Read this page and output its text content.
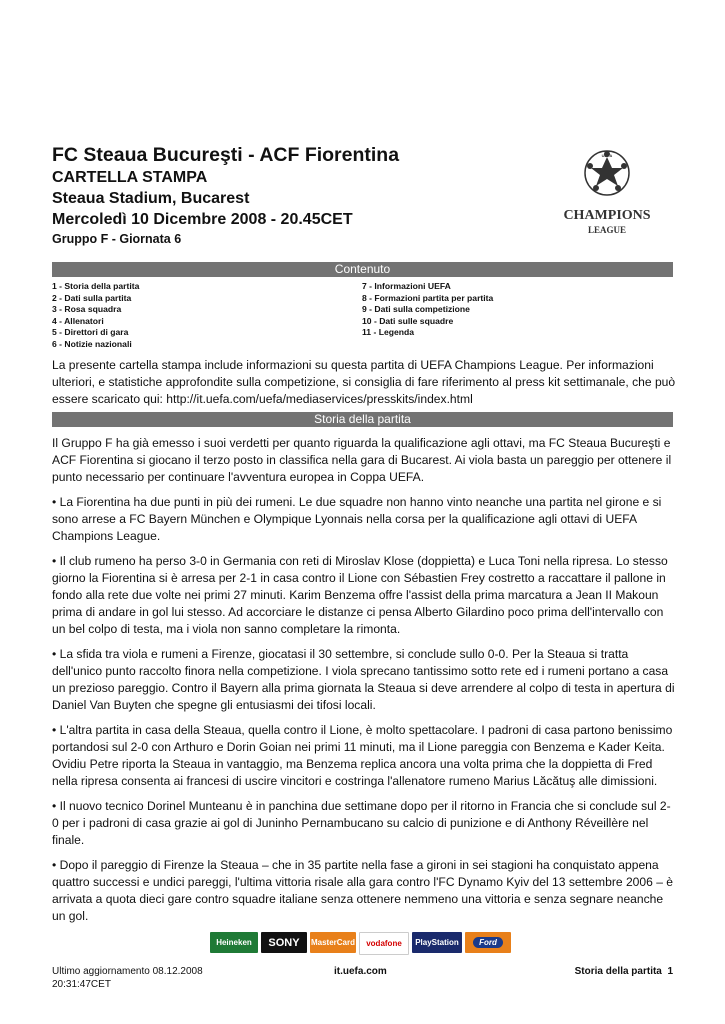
FC Steaua Bucureşti - ACF Fiorentina
CARTELLA STAMPA
Steaua Stadium, Bucarest
Mercoledì 10 Dicembre 2008 - 20.45CET
Gruppo F - Giornata 6
UEFA
CHAMPIONS
LEAGUE
Contenuto
1 - Storia della partita
2 - Dati sulla partita
3 - Rosa squadra
4 - Allenatori
5 - Direttori di gara
6 - Notizie nazionali
7 - Informazioni UEFA
8 - Formazioni partita per partita
9 - Dati sulla competizione
10 - Dati sulle squadre
11 - Legenda
La presente cartella stampa include informazioni su questa partita di UEFA Champions League. Per informazioni ulteriori, e statistiche approfondite sulla competizione, si consiglia di fare riferimento al press kit settimanale, che può essere scaricato qui: http://it.uefa.com/uefa/mediaservices/presskits/index.html
Storia della partita

Il Gruppo F ha già emesso i suoi verdetti per quanto riguarda la qualificazione agli ottavi, ma FC Steaua Bucureşti e ACF Fiorentina si giocano il terzo posto in classifica nella gara di Bucarest. Ai viola basta un pareggio per ottenere il punto necessario per continuare l'avventura europea in Coppa UEFA.

• La Fiorentina ha due punti in più dei rumeni. Le due squadre non hanno vinto neanche una partita nel girone e si sono arrese a FC Bayern München e Olympique Lyonnais nella corsa per la qualificazione agli ottavi di UEFA Champions League.

• Il club rumeno ha perso 3-0 in Germania con reti di Miroslav Klose (doppietta) e Luca Toni nella ripresa. Lo stesso giorno la Fiorentina si è arresa per 2-1 in casa contro il Lione con Sébastien Frey costretto a raccattare il pallone in fondo alla rete due volte nei primi 27 minuti. Karim Benzema offre l'assist della prima marcatura a Jean II Makoun prima di andare in gol lui stesso. Ad accorciare le distanze ci pensa Alberto Gilardino poco prima dell'intervallo con un bel colpo di testa, ma i viola non sanno completare la rimonta.

• La sfida tra viola e rumeni a Firenze, giocatasi il 30 settembre, si conclude sullo 0-0. Per la Steaua si tratta dell'unico punto raccolto finora nella competizione. I viola sprecano tantissimo sotto rete ed i rumeni portano a casa un prezioso pareggio. Contro il Bayern alla prima giornata la Steaua si deve arrendere al colpo di testa in apertura di Daniel Van Buyten che spegne gli entusiasmi dei tifosi locali.

• L'altra partita in casa della Steaua, quella contro il Lione, è molto spettacolare. I padroni di casa partono benissimo portandosi sul 2-0 con Arthuro e Dorin Goian nei primi 11 minuti, ma il Lione pareggia con Benzema e Kader Keita. Ovidiu Petre riporta la Steaua in vantaggio, ma Benzema replica ancora una volta prima che la doppietta di Fred nella ripresa consenta ai francesi di uscire vincitori e costringa l'allenatore rumeno Marius Lăcătuş alle dimissioni.

• Il nuovo tecnico Dorinel Munteanu è in panchina due settimane dopo per il ritorno in Francia che si conclude sul 2-0 per i padroni di casa grazie ai gol di Juninho Pernambucano su calcio di punizione e di Anthony Réveillère nel finale.

• Dopo il pareggio di Firenze la Steaua – che in 35 partite nella fase a gironi in sei stagioni ha conquistato appena quattro successi e undici pareggi, l'ultima vittoria risale alla gara contro l'FC Dynamo Kyiv del 13 settembre 2006 – è arrivata a quota dieci gare contro squadre italiane senza ottenere nemmeno una vittoria e senza segnare neanche un gol.

Heineken	SONY	MasterCard	vodafone	PlayStation	Ford
Ultimo aggiornamento 08.12.2008
20:31:47CET
it.uefa.com	Storia della partita 1
